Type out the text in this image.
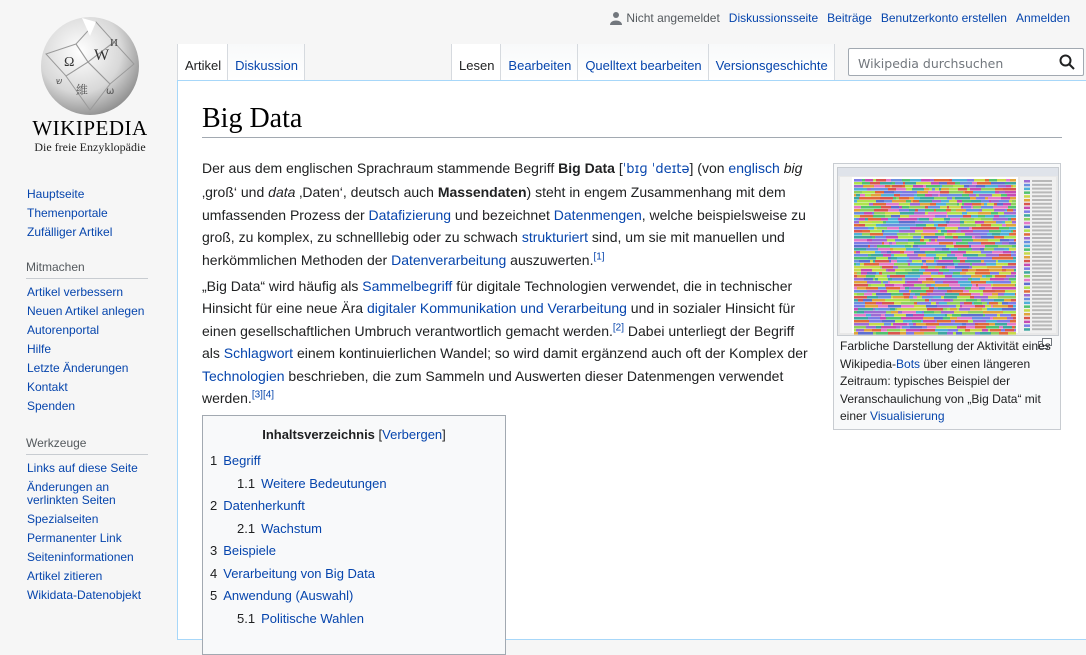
Ω W
И
維 ω
ש
WIKIPEDIA
Die freie Enzyklopädie
Hauptseite
Themenportale
Zufälliger Artikel
Mitmachen
Artikel verbessern
Neuen Artikel anlegen
Autorenportal
Hilfe
Letzte Änderungen
Kontakt
Spenden
Werkzeuge
Links auf diese Seite
Änderungen an verlinkten Seiten
Spezialseiten
Permanenter Link
Seiteninformationen
Artikel zitieren
Wikidata-Datenobjekt
Nicht angemeldet Diskussionsseite Beiträge Benutzerkonto erstellen Anmelden
Artikel	Diskussion	Lesen	Bearbeiten	Quelltext bearbeiten	Versionsgeschichte
Wikipedia durchsuchen
Big Data

Der aus dem englischen Sprachraum stammende Begriff Big Data [ˈbɪɡ ˈdeɪtə] (von englisch big ‚groß‘ und data ‚Daten‘, deutsch auch Massendaten) steht in engem Zusammenhang mit dem umfassenden Prozess der Datafizierung und bezeichnet Datenmengen, welche beispielsweise zu groß, zu komplex, zu schnelllebig oder zu schwach strukturiert sind, um sie mit manuellen und herkömmlichen Methoden der Datenverarbeitung auszuwerten.[1]

„Big Data“ wird häufig als Sammelbegriff für digitale Technologien verwendet, die in technischer Hinsicht für eine neue Ära digitaler Kommunikation und Verarbeitung und in sozialer Hinsicht für einen gesellschaftlichen Umbruch verantwortlich gemacht werden.[2] Dabei unterliegt der Begriff als Schlagwort einem kontinuierlichen Wandel; so wird damit ergänzend auch oft der Komplex der Technologien beschrieben, die zum Sammeln und Auswerten dieser Datenmengen verwendet werden.[3][4]

Farbliche Darstellung der Aktivität eines Wikipedia-Bots über einen längeren Zeitraum: typisches Beispiel der Veranschaulichung von „Big Data“ mit einer Visualisierung
Inhaltsverzeichnis [Verbergen]
1 Begriff
1.1 Weitere Bedeutungen
2 Datenherkunft
2.1 Wachstum
3 Beispiele
4 Verarbeitung von Big Data
5 Anwendung (Auswahl)
5.1 Politische Wahlen
